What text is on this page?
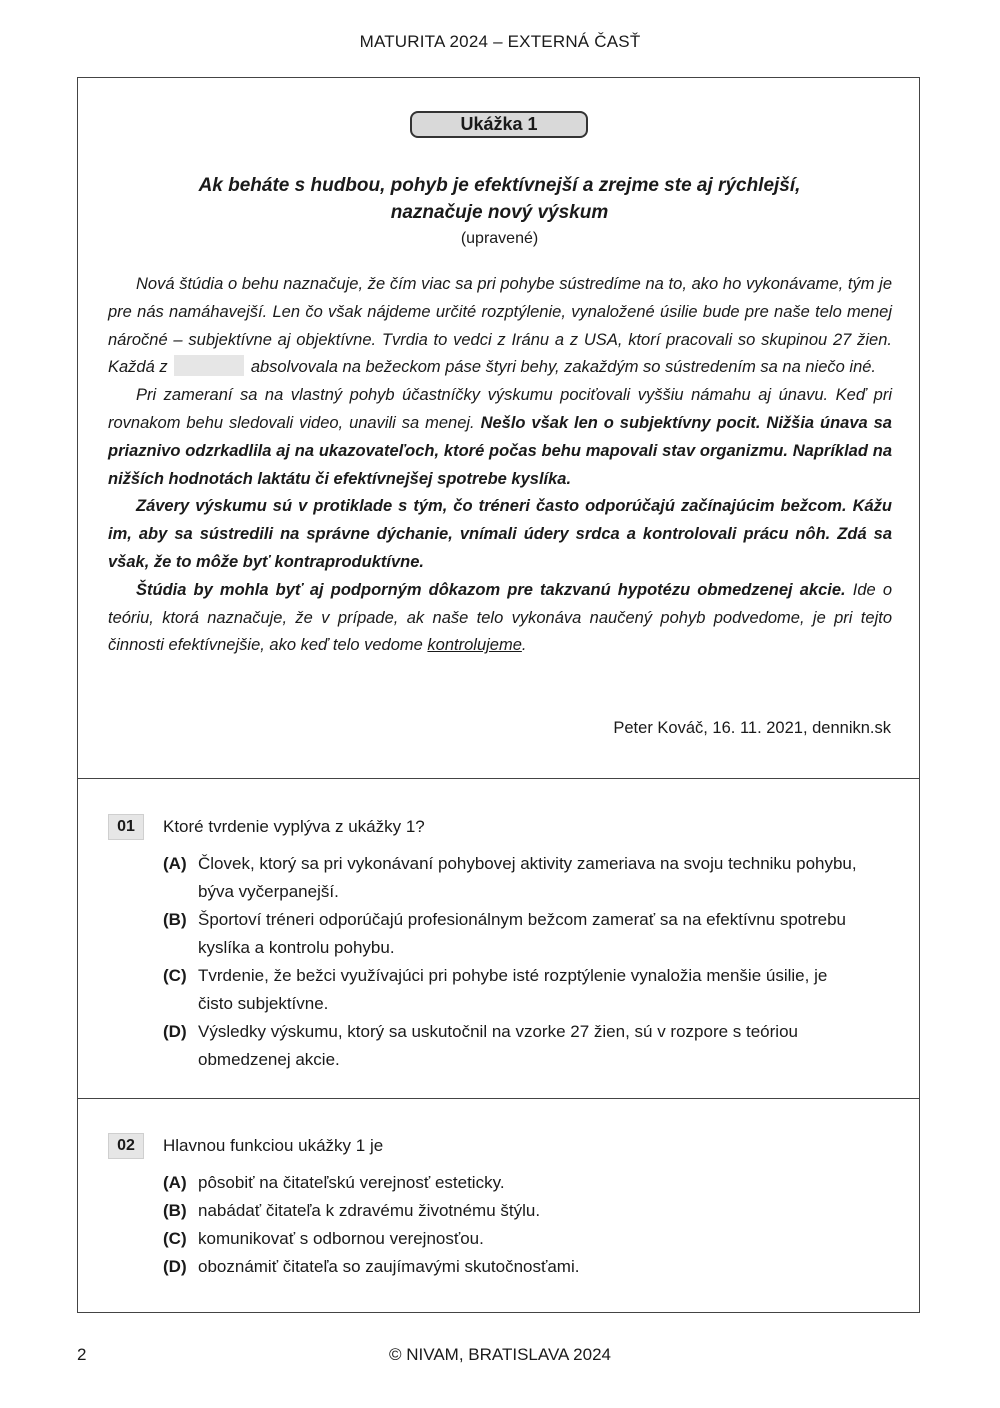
MATURITA 2024 – EXTERNÁ ČASŤ
Ukážka 1
Ak beháte s hudbou, pohyb je efektívnejší a zrejme ste aj rýchlejší,
naznačuje nový výskum
(upravené)

Nová štúdia o behu naznačuje, že čím viac sa pri pohybe sústredíme na to, ako ho vykonávame, tým je pre nás namáhavejší. Len čo však nájdeme určité rozptýlenie, vynaložené úsilie bude pre naše telo menej náročné – subjektívne aj objektívne. Tvrdia to vedci z Iránu a z USA, ktorí pracovali so skupinou 27 žien. Každá z	absolvovala na bežeckom páse štyri behy, zakaždým so sústredením sa na niečo iné.

Pri zameraní sa na vlastný pohyb účastníčky výskumu pociťovali vyššiu námahu aj únavu. Keď pri rovnakom behu sledovali video, unavili sa menej. Nešlo však len o subjektívny pocit. Nižšia únava sa priaznivo odzrkadlila aj na ukazovateľoch, ktoré počas behu mapovali stav organizmu. Napríklad na nižších hodnotách laktátu či efektívnejšej spotrebe kyslíka.

Závery výskumu sú v protiklade s tým, čo tréneri často odporúčajú začínajúcim bežcom. Kážu im, aby sa sústredili na správne dýchanie, vnímali údery srdca a kontrolovali prácu nôh. Zdá sa však, že to môže byť kontraproduktívne.

Štúdia by mohla byť aj podporným dôkazom pre takzvanú hypotézu obmedzenej akcie. Ide o teóriu, ktorá naznačuje, že v prípade, ak naše telo vykonáva naučený pohyb podvedome, je pri tejto činnosti efektívnejšie, ako keď telo vedome kontrolujeme.

Peter Kováč, 16. 11. 2021, dennikn.sk
01	Ktoré tvrdenie vyplýva z ukážky 1?
(A) Človek, ktorý sa pri vykonávaní pohybovej aktivity zameriava na svoju techniku pohybu, býva vyčerpanejší.
(B) Športoví tréneri odporúčajú profesionálnym bežcom zamerať sa na efektívnu spotrebu kyslíka a kontrolu pohybu.
(C) Tvrdenie, že bežci využívajúci pri pohybe isté rozptýlenie vynaložia menšie úsilie, je čisto subjektívne.
(D) Výsledky výskumu, ktorý sa uskutočnil na vzorke 27 žien, sú v rozpore s teóriou obmedzenej akcie.
02	Hlavnou funkciou ukážky 1 je
(A) pôsobiť na čitateľskú verejnosť esteticky.
(B) nabádať čitateľa k zdravému životnému štýlu.
(C) komunikovať s odbornou verejnosťou.
(D) oboznámiť čitateľa so zaujímavými skutočnosťami.
2	© NIVAM, BRATISLAVA 2024
